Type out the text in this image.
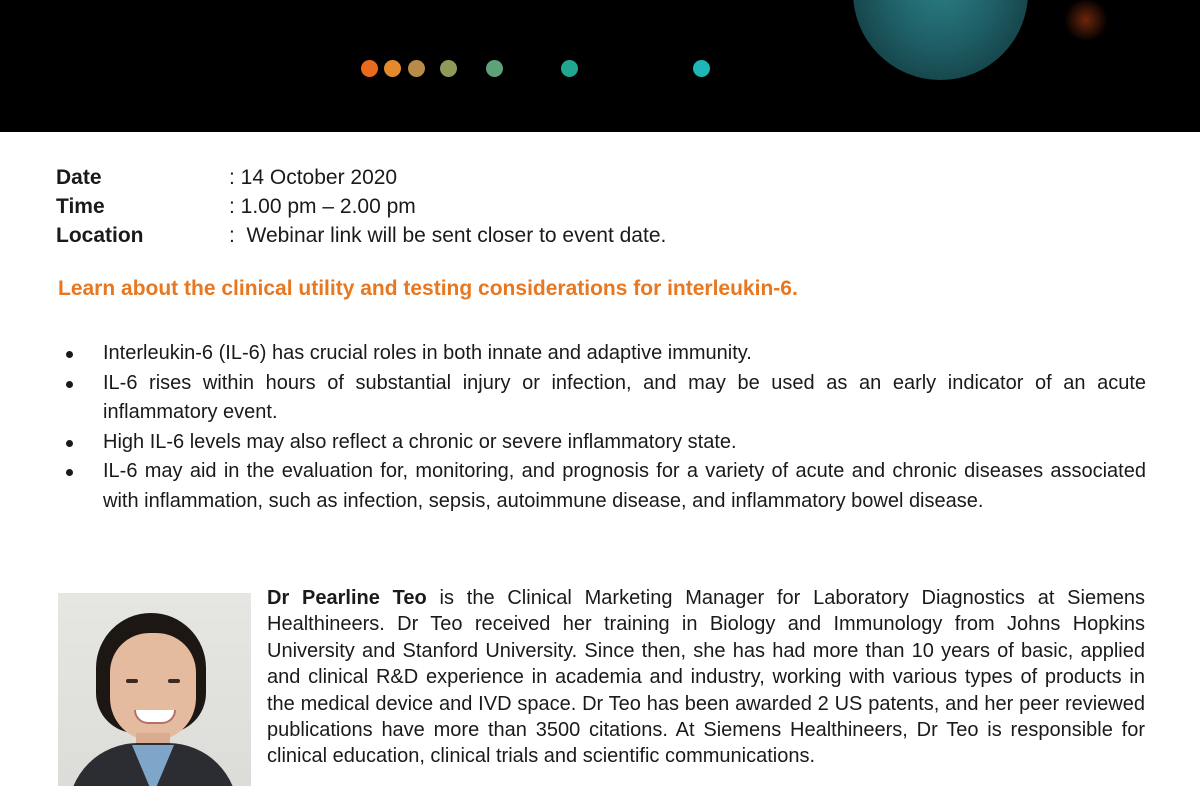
Date	: 14 October 2020
Time	: 1.00 pm – 2.00 pm
Location	:  Webinar link will be sent closer to event date.
Learn about the clinical utility and testing considerations for interleukin-6.
Interleukin-6 (IL-6) has crucial roles in both innate and adaptive immunity.
IL-6 rises within hours of substantial injury or infection, and may be used as an early indicator of an acute inflammatory event.
High IL-6 levels may also reflect a chronic or severe inflammatory state.
IL-6 may aid in the evaluation for, monitoring, and prognosis for a variety of acute and chronic diseases associated with inflammation, such as infection, sepsis, autoimmune disease, and inflammatory bowel disease.

Dr Pearline Teo is the Clinical Marketing Manager for Laboratory Diagnostics at Siemens Healthineers. Dr Teo received her training in Biology and Immunology from Johns Hopkins University and Stanford University. Since then, she has had more than 10 years of basic, applied and clinical R&D experience in academia and industry, working with various types of products in the medical device and IVD space. Dr Teo has been awarded 2 US patents, and her peer reviewed publications have more than 3500 citations. At Siemens Healthineers, Dr Teo is responsible for clinical education, clinical trials and scientific communications.
